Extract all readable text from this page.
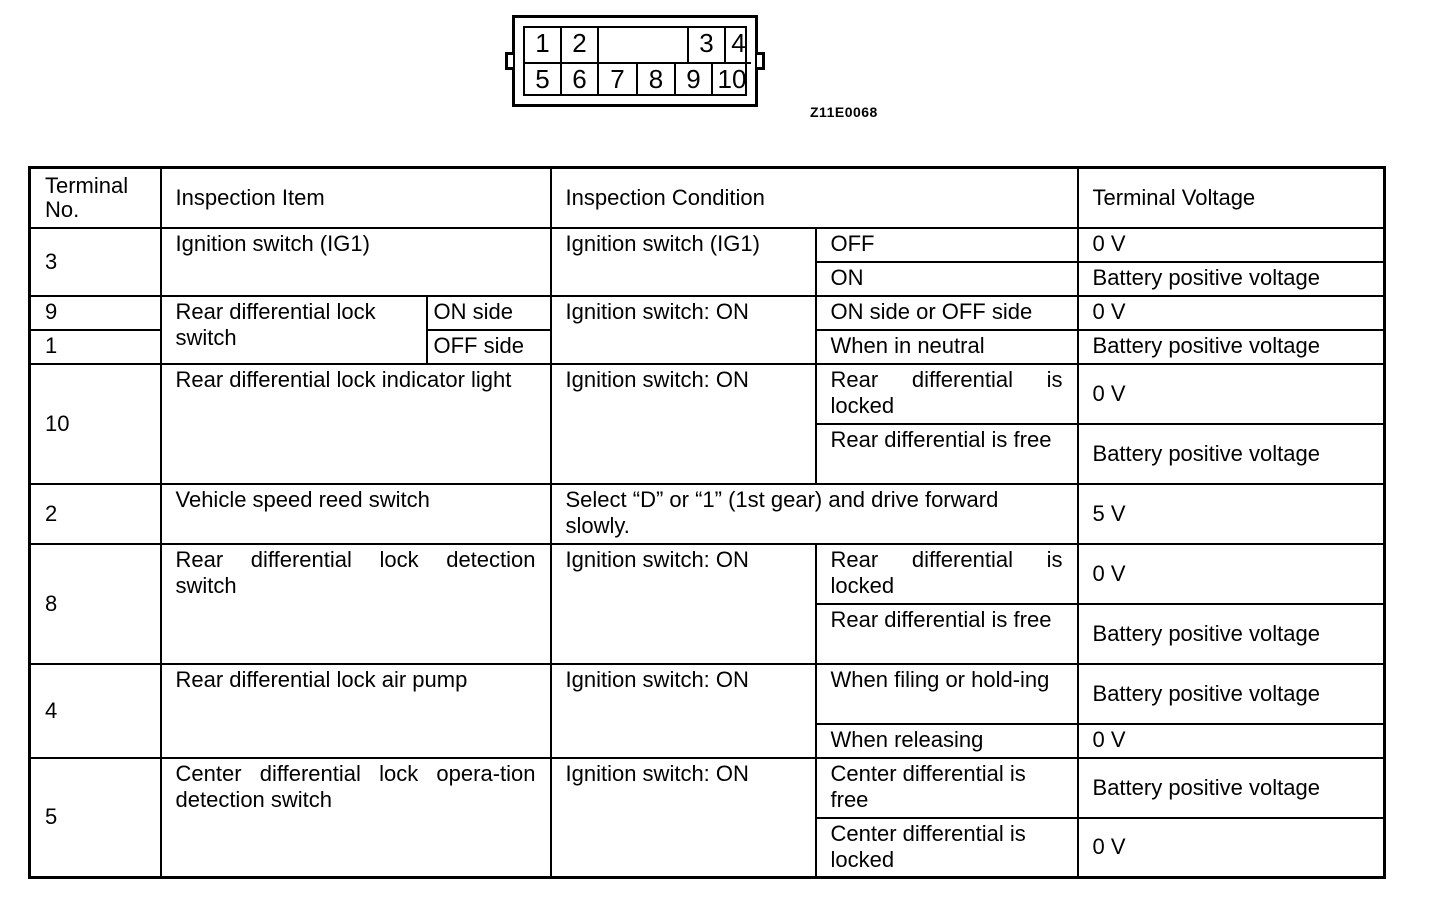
1 2	3 4
5 6 7 8 9 10
Z11E0068
Terminal No.	Inspection Item		Inspection Condition		Terminal Voltage
3	Ignition switch (IG1)		Ignition switch (IG1)	OFF	0 V
				ON	Battery positive voltage
9	Rear differential lock switch	ON side	Ignition switch: ON	ON side or OFF side	0 V
1		OFF side		When in neutral	Battery positive voltage
10	Rear differential lock indicator light		Ignition switch: ON	Rear differential is locked	0 V
				Rear differential is free	Battery positive voltage
2	Vehicle speed reed switch		Select “D” or “1” (1st gear) and drive forward slowly.		5 V
8	Rear differential lock detection switch		Ignition switch: ON	Rear differential is locked	0 V
				Rear differential is free	Battery positive voltage
4	Rear differential lock air pump		Ignition switch: ON	When filing or hold-ing	Battery positive voltage
				When releasing	0 V
5	Center differential lock opera-tion detection switch		Ignition switch: ON	Center differential is free	Battery positive voltage
				Center differential is locked	0 V
